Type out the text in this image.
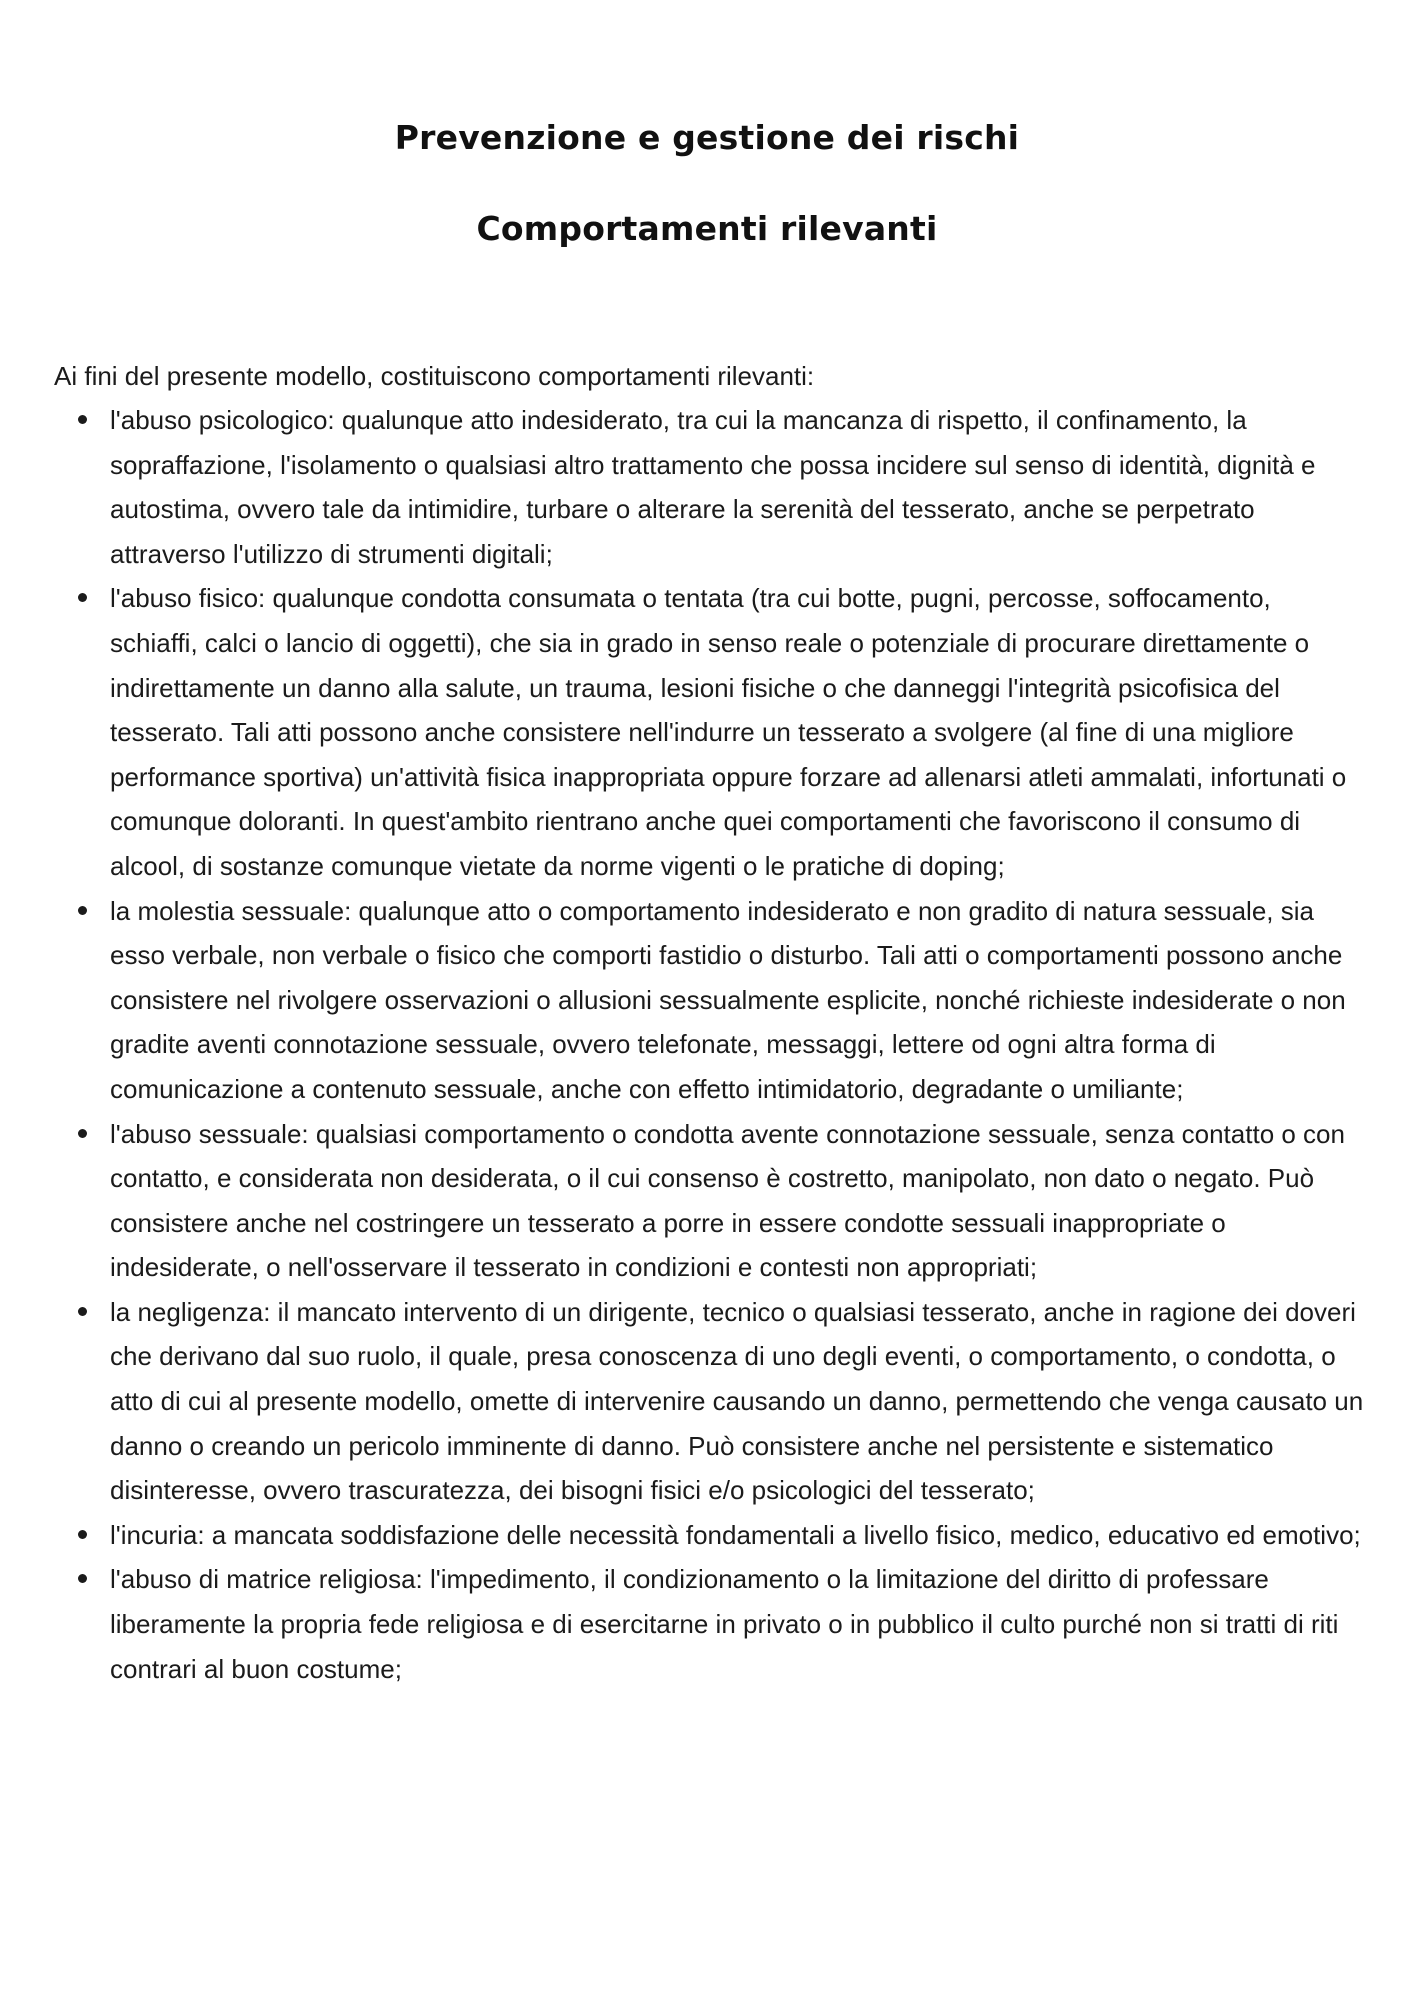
Prevenzione e gestione dei rischi
Comportamenti rilevanti
Ai fini del presente modello, costituiscono comportamenti rilevanti:
l'abuso psicologico: qualunque atto indesiderato, tra cui la mancanza di rispetto, il confinamento, la sopraffazione, l'isolamento o qualsiasi altro trattamento che possa incidere sul senso di identità, dignità e autostima, ovvero tale da intimidire, turbare o alterare la serenità del tesserato, anche se perpetrato attraverso l'utilizzo di strumenti digitali;
l'abuso fisico: qualunque condotta consumata o tentata (tra cui botte, pugni, percosse, soffocamento, schiaffi, calci o lancio di oggetti), che sia in grado in senso reale o potenziale di procurare direttamente o indirettamente un danno alla salute, un trauma, lesioni fisiche o che danneggi l'integrità psicofisica del tesserato. Tali atti possono anche consistere nell'indurre un tesserato a svolgere (al fine di una migliore performance sportiva) un'attività fisica inappropriata oppure forzare ad allenarsi atleti ammalati, infortunati o comunque doloranti. In quest'ambito rientrano anche quei comportamenti che favoriscono il consumo di alcool, di sostanze comunque vietate da norme vigenti o le pratiche di doping;
la molestia sessuale: qualunque atto o comportamento indesiderato e non gradito di natura sessuale, sia esso verbale, non verbale o fisico che comporti fastidio o disturbo. Tali atti o comportamenti possono anche consistere nel rivolgere osservazioni o allusioni sessualmente esplicite, nonché richieste indesiderate o non gradite aventi connotazione sessuale, ovvero telefonate, messaggi, lettere od ogni altra forma di comunicazione a contenuto sessuale, anche con effetto intimidatorio, degradante o umiliante;
l'abuso sessuale: qualsiasi comportamento o condotta avente connotazione sessuale, senza contatto o con contatto, e considerata non desiderata, o il cui consenso è costretto, manipolato, non dato o negato. Può consistere anche nel costringere un tesserato a porre in essere condotte sessuali inappropriate o indesiderate, o nell'osservare il tesserato in condizioni e contesti non appropriati;
la negligenza: il mancato intervento di un dirigente, tecnico o qualsiasi tesserato, anche in ragione dei doveri che derivano dal suo ruolo, il quale, presa conoscenza di uno degli eventi, o comportamento, o condotta, o atto di cui al presente modello, omette di intervenire causando un danno, permettendo che venga causato un danno o creando un pericolo imminente di danno. Può consistere anche nel persistente e sistematico disinteresse, ovvero trascuratezza, dei bisogni fisici e/o psicologici del tesserato;
l'incuria: a mancata soddisfazione delle necessità fondamentali a livello fisico, medico, educativo ed emotivo;
l'abuso di matrice religiosa: l'impedimento, il condizionamento o la limitazione del diritto di professare liberamente la propria fede religiosa e di esercitarne in privato o in pubblico il culto purché non si tratti di riti contrari al buon costume;
